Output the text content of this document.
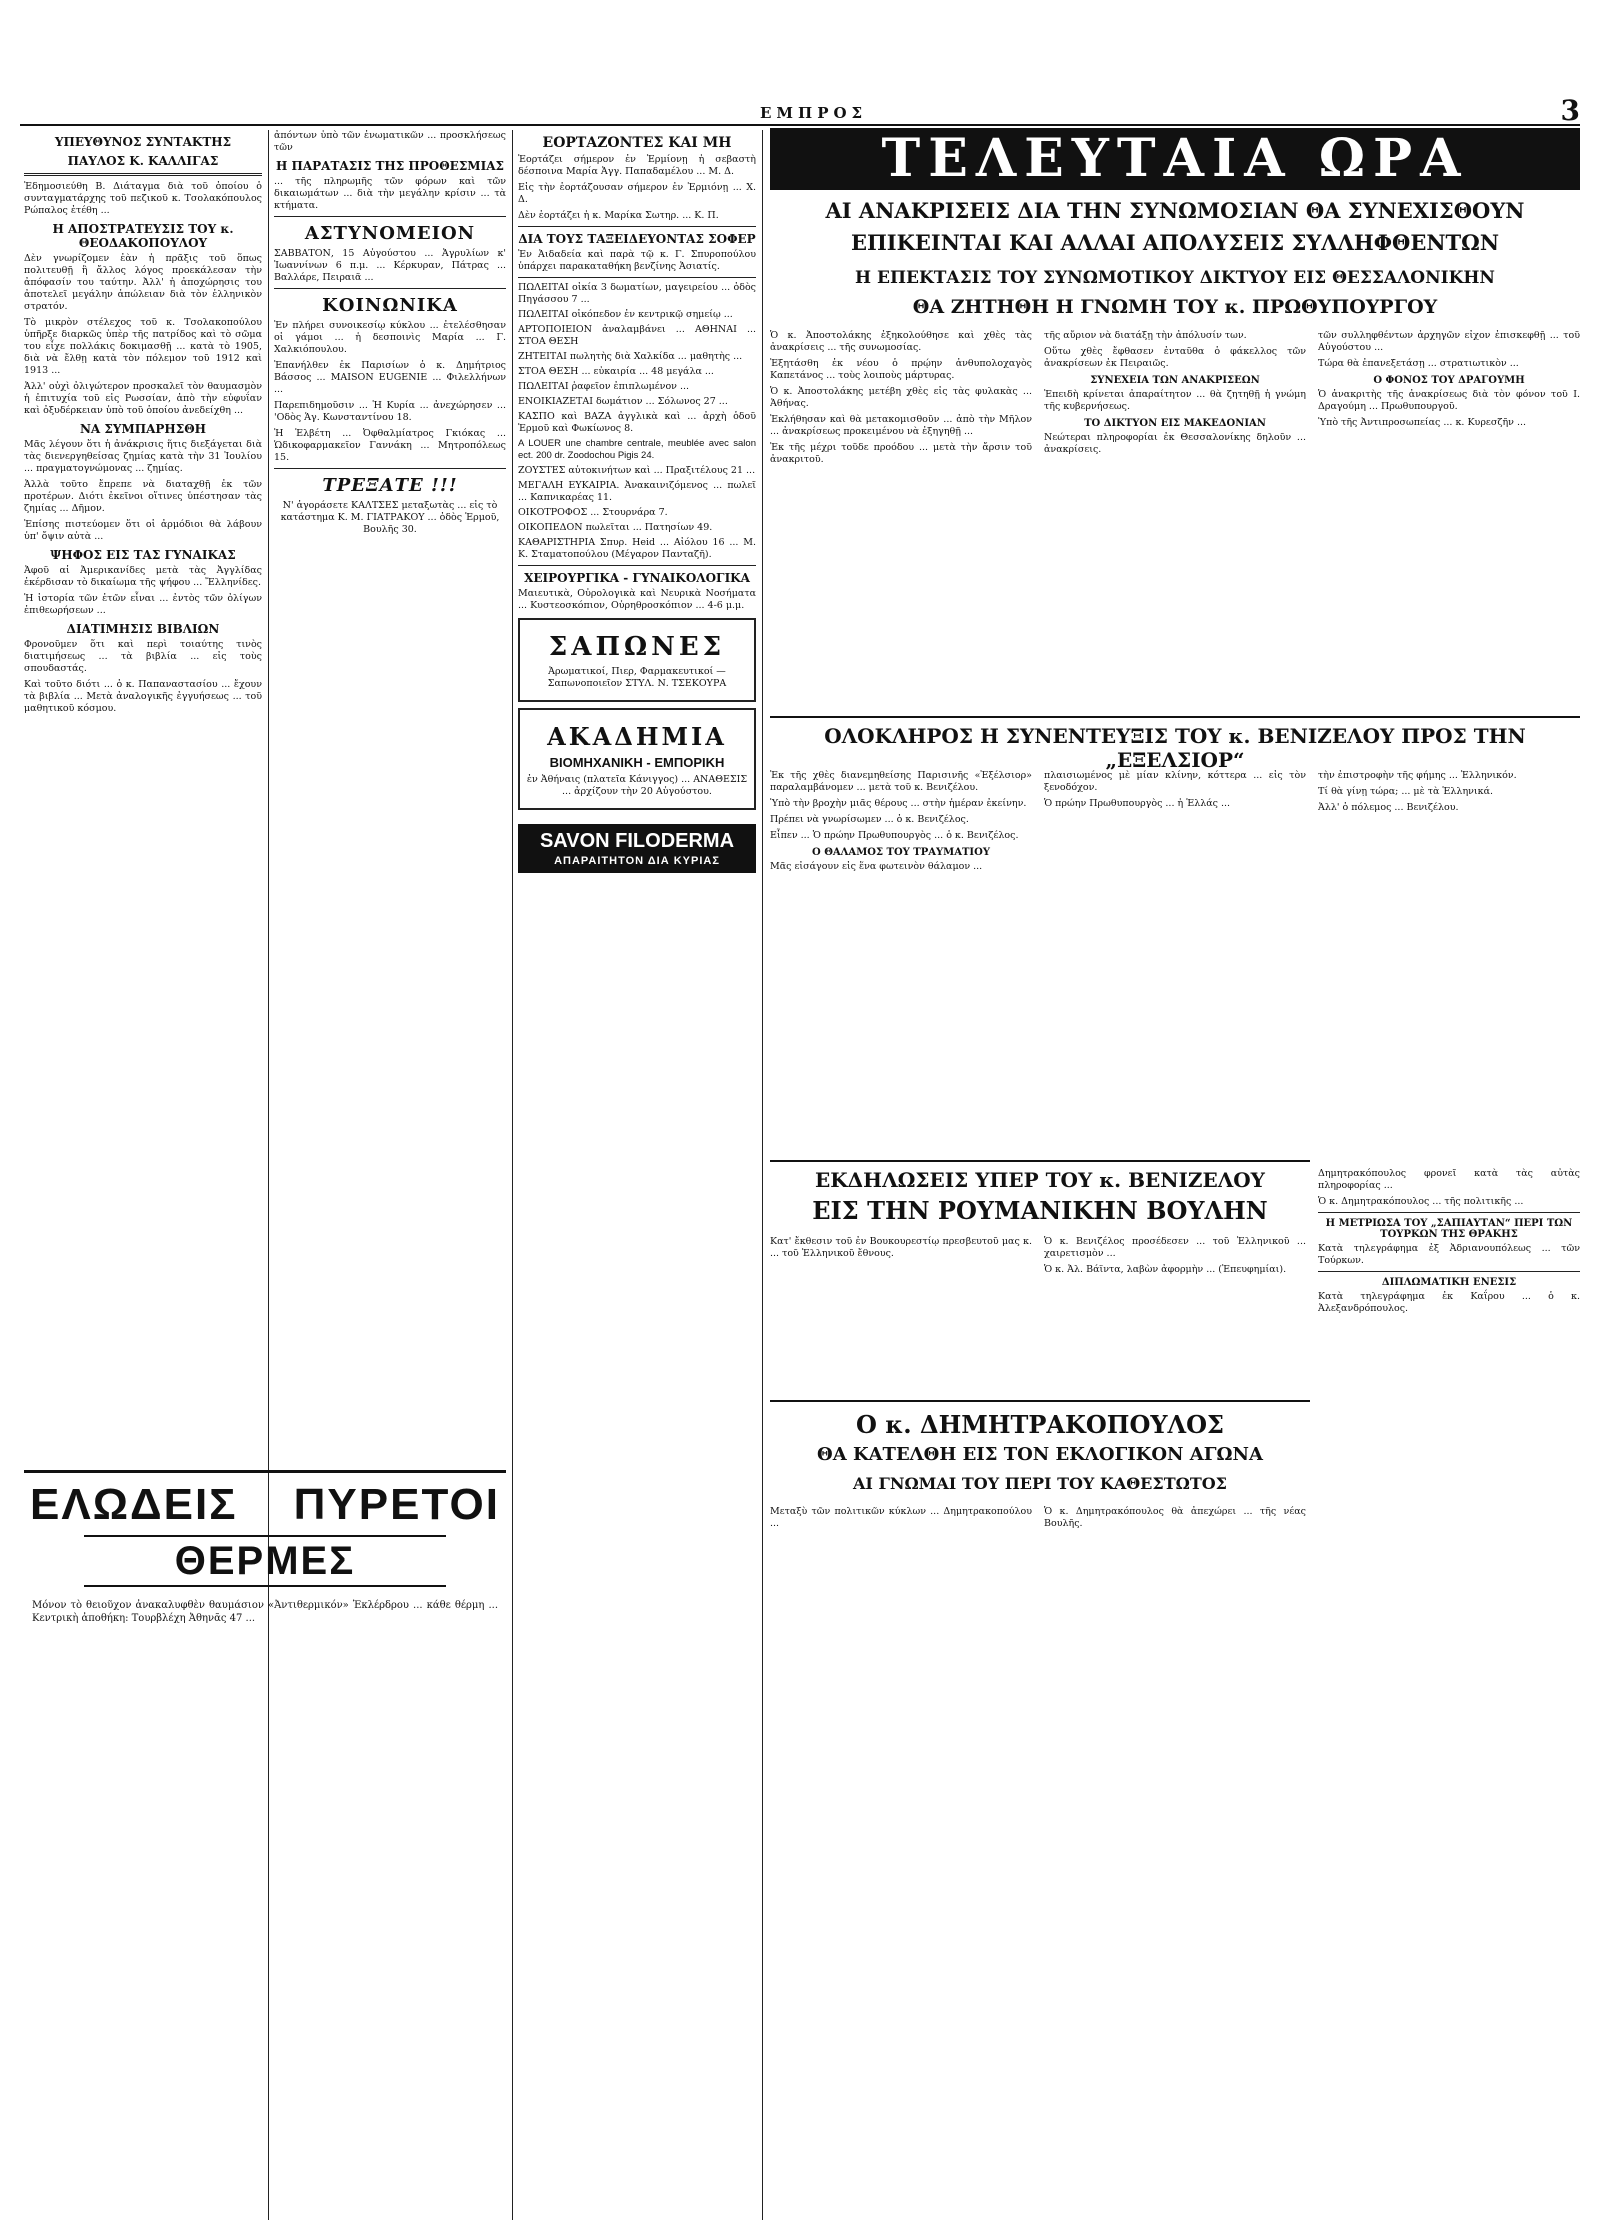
ΕΜΠΡΟΣ	3

ΥΠΕΥΘΥΝΟΣ ΣΥΝΤΑΚΤΗΣ

ΠΑΥΛΟΣ Κ. ΚΑΛΛΙΓΑΣ

Ἐδημοσιεύθη Β. Διάταγμα διὰ τοῦ ὁποίου ὁ συνταγματάρχης τοῦ πεζικοῦ κ. Τσολακόπουλος Ρώπαλος ἐτέθη ...

Η ΑΠΟΣΤΡΑΤΕΥΣΙΣ ΤΟΥ κ. ΘΕΟΔΑΚΟΠΟΥΛΟΥ

Δὲν γνωρίζομεν ἐὰν ἡ πρᾶξις τοῦ ὅπως πολιτευθῇ ἢ ἄλλος λόγος προεκάλεσαν τὴν ἀπόφασίν του ταύτην. Ἀλλ' ἡ ἀποχώρησις του ἀποτελεῖ μεγάλην ἀπώλειαν διὰ τὸν ἑλληνικὸν στρατόν.

Τὸ μικρὸν στέλεχος τοῦ κ. Τσολακοπούλου ὑπῆρξε διαρκῶς ὑπὲρ τῆς πατρίδος καὶ τὸ σῶμα του εἶχε πολλάκις δοκιμασθῇ ... κατὰ τὸ 1905, διὰ νὰ ἔλθῃ κατὰ τὸν πόλεμον τοῦ 1912 καὶ 1913 ...

Ἀλλ' οὐχὶ ὀλιγώτερον προσκαλεῖ τὸν θαυμασμὸν ἡ ἐπιτυχία τοῦ εἰς Ρωσσίαν, ἀπὸ τὴν εὐφυΐαν καὶ ὀξυδέρκειαν ὑπὸ τοῦ ὁποίου ἀνεδείχθη ...

ΝΑ ΣΥΜΠΑΡΗΣΘΗ

Μᾶς λέγουν ὅτι ἡ ἀνάκρισις ἥτις διεξάγεται διὰ τὰς διενεργηθείσας ζημίας κατὰ τὴν 31 Ἰουλίου ... πραγματογνώμονας ... ζημίας.

Ἀλλὰ τοῦτο ἔπρεπε νὰ διαταχθῇ ἐκ τῶν προτέρων. Διότι ἐκεῖνοι οἵτινες ὑπέστησαν τὰς ζημίας ... Δῆμον.

Ἐπίσης πιστεύομεν ὅτι οἱ ἀρμόδιοι θὰ λάβουν ὑπ' ὄψιν αὐτὰ ...

ΨΗΦΟΣ ΕΙΣ ΤΑΣ ΓΥΝΑΙΚΑΣ

Ἀφοῦ αἱ Ἀμερικανίδες μετὰ τὰς Ἀγγλίδας ἐκέρδισαν τὸ δικαίωμα τῆς ψήφου ... Ἔλληνίδες.

Ἡ ἱστορία τῶν ἐτῶν εἶναι ... ἐντὸς τῶν ὀλίγων ἐπιθεωρήσεων ...

ΔΙΑΤΙΜΗΣΙΣ ΒΙΒΛΙΩΝ

Φρονοῦμεν ὅτι καὶ περὶ τοιαύτης τινὸς διατιμήσεως ... τὰ βιβλία ... εἰς τοὺς σπουδαστάς.

Καὶ τοῦτο διότι ... ὁ κ. Παπαναστασίου ... ἔχουν τὰ βιβλία ... Μετὰ ἀναλογικῆς ἐγγυήσεως ... τοῦ μαθητικοῦ κόσμου.

ἀπόντων ὑπὸ τῶν ἐνωματικῶν ... προσκλήσεως τῶν

Η ΠΑΡΑΤΑΣΙΣ ΤΗΣ ΠΡΟΘΕΣΜΙΑΣ

... τῆς πληρωμῆς τῶν φόρων καὶ τῶν δικαιωμάτων ... διὰ τὴν μεγάλην κρίσιν ... τὰ κτήματα.

ΑΣΤΥΝΟΜΕΙΟΝ

ΣΑΒΒΑΤΟΝ, 15 Αὐγούστου ... Ἀγρυλίων κ' Ἰωαννίνων 6 π.μ. ... Κέρκυραν, Πάτρας ... Βαλλάρε, Πειραιᾶ ...

ΚΟΙΝΩΝΙΚΑ

Ἐν πλήρει συνοικεσίῳ κύκλου ... ἐτελέσθησαν οἱ γάμοι ... ἡ δεσποινὶς Μαρία ... Γ. Χαλκιόπουλου.

Ἐπανήλθεν ἐκ Παρισίων ὁ κ. Δημήτριος Βάσσος ... MAISON EUGENIE ... Φιλελλήνων ...

Παρεπιδημοῦσιν ... Ἡ Κυρία ... ἀνεχώρησεν ... 'Οδὸς Ἁγ. Κωνσταντίνου 18.

Ἡ Ἑλβέτη ... Ὀφθαλμίατρος Γκιόκας ... Ὡδικοφαρμακεῖον Γαννάκη ... Μητροπόλεως 15.

ΤΡΕΞΑΤΕ !!!

Ν' ἀγοράσετε ΚΑΛΤΣΕΣ μεταξωτὰς ... εἰς τὸ κατάστημα Κ. Μ. ΓΙΑΤΡΑΚΟΥ ... ὁδὸς Ἑρμοῦ, Βουλῆς 30.

ΕΛΩΔΕΙΣ ΠΥΡΕΤΟΙ

ΘΕΡΜΕΣ

Μόνον τὸ θειοῦχον ἀνακαλυφθὲν θαυμάσιον «Ἀντιθερμικόν» Ἐκλέρδρου ... κάθε θέρμη ... Κεντρικὴ ἀποθήκη: Τουρβλέχη Ἀθηνᾶς 47 ...

ΕΟΡΤΑΖΟΝΤΕΣ ΚΑΙ ΜΗ

Ἑορτάζει σήμερον ἐν Ἑρμίονῃ ἡ σεβαστὴ δέσποινα Μαρία Ἀγγ. Παπαδαμέλου ... Μ. Δ.

Εἰς τὴν ἑορτάζουσαν σήμερον ἐν Ἑρμιόνῃ ... Χ. Δ.

Δὲν ἑορτάζει ἡ κ. Μαρίκα Σωτηρ. ... Κ. Π.

ΔΙΑ ΤΟΥΣ ΤΑΞΕΙΔΕΥΟΝΤΑΣ ΣΟΦΕΡ

Ἐν Ἀιδαδεία καὶ παρὰ τῷ κ. Γ. Σπυροπούλου ὑπάρχει παρακαταθήκη βενζίνης Ἀσιατίς.

ΠΩΛΕΙΤΑΙ οἰκία 3 δωματίων, μαγειρείου ... ὁδὸς Πηγάσσου 7 ...

ΠΩΛΕΙΤΑΙ οἰκόπεδον ἐν κεντρικῷ σημείῳ ...

ΑΡΤΟΠΟΙΕΙΟΝ ἀναλαμβάνει ... ΑΘΗΝΑΙ ... ΣΤΟΑ ΘΕΣΗ

ΖΗΤΕΙΤΑΙ πωλητὴς διὰ Χαλκίδα ... μαθητὴς ...

ΣΤΟΑ ΘΕΣΗ ... εὐκαιρία ... 48 μεγάλα ...

ΠΩΛΕΙΤΑΙ ῥαφεῖον ἐπιπλωμένον ...

ΕΝΟΙΚΙΑΖΕΤΑΙ δωμάτιον ... Σόλωνος 27 ...

ΚΑΣΠΟ καὶ ΒΑΖΑ ἀγγλικὰ καὶ ... ἀρχὴ ὁδοῦ Ἑρμοῦ καὶ Φωκίωνος 8.

A LOUER une chambre centrale, meublée avec salon ect. 200 dr. Zoodochou Pigis 24.

ΖΟΥΣΤΕΣ αὐτοκινήτων καὶ ... Πραξιτέλους 21 ...

ΜΕΓΑΛΗ ΕΥΚΑΙΡΙΑ. Ἀνακαινιζόμενος ... πωλεῖ ... Καπνικαρέας 11.

ΟΙΚΟΤΡΟΦΟΣ ... Στουρνάρα 7.

ΟΙΚΟΠΕΔΟΝ πωλεῖται ... Πατησίων 49.

ΚΑΘΑΡΙΣΤΗΡΙΑ Σπυρ. Heid ... Αἰόλου 16 ... Μ. Κ. Σταματοπούλου (Μέγαρον Πανταζῆ).

ΧΕΙΡΟΥΡΓΙΚΑ - ΓΥΝΑΙΚΟΛΟΓΙΚΑ

Μαιευτικὰ, Οὐρολογικὰ καὶ Νευρικὰ Νοσήματα ... Κυστεοσκόπιον, Οὐρηθροσκόπιον ... 4-6 μ.μ.

ΣΑΠΩΝΕΣ

Ἀρωματικοί, Πιερ, Φαρμακευτικοί — Σαπωνοποιεῖον ΣΤΥΛ. Ν. ΤΣΕΚΟΥΡΑ

ΑΚΑΔΗΜΙΑ

ΒΙΟΜΗΧΑΝΙΚΗ - ΕΜΠΟΡΙΚΗ

ἐν Ἀθήναις (πλατεῖα Κάνιγγος) ... ΑΝΑΘΕΣΙΣ ... ἀρχίζουν τὴν 20 Αὐγούστου.

SAVON FILODERMA

ΑΠΑΡΑΙΤΗΤΟΝ ΔΙΑ ΚΥΡΙΑΣ

ΤΕΛΕΥΤΑΙΑ ΩΡΑ

ΑΙ ΑΝΑΚΡΙΣΕΙΣ ΔΙΑ ΤΗΝ ΣΥΝΩΜΟΣΙΑΝ ΘΑ ΣΥΝΕΧΙΣΘΟΥΝ

ΕΠΙΚΕΙΝΤΑΙ ΚΑΙ ΑΛΛΑΙ ΑΠΟΛΥΣΕΙΣ ΣΥΛΛΗΦΘΕΝΤΩΝ

Η ΕΠΕΚΤΑΣΙΣ ΤΟΥ ΣΥΝΩΜΟΤΙΚΟΥ ΔΙΚΤΥΟΥ ΕΙΣ ΘΕΣΣΑΛΟΝΙΚΗΝ

ΘΑ ΖΗΤΗΘΗ Η ΓΝΩΜΗ ΤΟΥ κ. ΠΡΩΘΥΠΟΥΡΓΟΥ

Ὁ κ. Ἀποστολάκης ἐξηκολούθησε καὶ χθὲς τὰς ἀνακρίσεις ... τῆς συνωμοσίας.

Ἐξητάσθη ἐκ νέου ὁ πρῴην ἀνθυπολοχαγὸς Καπετάνος ... τοὺς λοιποὺς μάρτυρας.

Ὁ κ. Ἀποστολάκης μετέβη χθὲς εἰς τὰς φυλακὰς ... Ἀθήνας.

Ἐκλήθησαν καὶ θὰ μετακομισθοῦν ... ἀπὸ τὴν Μῆλον ... ἀνακρίσεως προκειμένου νὰ ἐξηγηθῇ ...

Ἐκ τῆς μέχρι τοῦδε προόδου ... μετὰ τὴν ἄρσιν τοῦ ἀνακριτοῦ.

τῆς αὔριον νὰ διατάξῃ τὴν ἀπόλυσίν των.

Οὕτω χθὲς ἔφθασεν ἐνταῦθα ὁ φάκελλος τῶν ἀνακρίσεων ἐκ Πειραιῶς.

ΣΥΝΕΧΕΙΑ ΤΩΝ ΑΝΑΚΡΙΣΕΩΝ

Ἐπειδὴ κρίνεται ἀπαραίτητον ... θὰ ζητηθῇ ἡ γνώμη τῆς κυβερνήσεως.

ΤΟ ΔΙΚΤΥΟΝ ΕΙΣ ΜΑΚΕΔΟΝΙΑΝ

Νεώτεραι πληροφορίαι ἐκ Θεσσαλονίκης δηλοῦν ... ἀνακρίσεις.

τῶν συλληφθέντων ἀρχηγῶν εἶχον ἐπισκεφθῇ ... τοῦ Αὐγούστου ...

Τώρα θὰ ἐπανεξετάσῃ ... στρατιωτικὸν ...

Ο ΦΟΝΟΣ ΤΟΥ ΔΡΑΓΟΥΜΗ

Ὁ ἀνακριτὴς τῆς ἀνακρίσεως διὰ τὸν φόνον τοῦ Ι. Δραγούμη ... Πρωθυπουργοῦ.

Ὑπὸ τῆς Ἀντιπροσωπείας ... κ. Κυρεσζῆν ...

ΟΛΟΚΛΗΡΟΣ Η ΣΥΝΕΝΤΕΥΞΙΣ ΤΟΥ κ. ΒΕΝΙΖΕΛΟΥ ΠΡΟΣ ΤΗΝ „ΕΞΕΛΣΙΟΡ“

Ἐκ τῆς χθὲς διανεμηθείσης Παρισινῆς «Ἐξέλσιορ» παραλαμβάνομεν ... μετὰ τοῦ κ. Βενιζέλου.

Ὑπὸ τὴν βροχὴν μιᾶς θέρους ... στὴν ἡμέραν ἐκείνην.

Πρέπει νὰ γνωρίσωμεν ... ὁ κ. Βενιζέλος.

Εἶπεν ... Ὁ πρώην Πρωθυπουργὸς ... ὁ κ. Βενιζέλος.

Ο ΘΑΛΑΜΟΣ ΤΟΥ ΤΡΑΥΜΑΤΙΟΥ

Μᾶς εἰσάγουν εἰς ἕνα φωτεινὸν θάλαμον ...

πλαισιωμένος μὲ μίαν κλίνην, κόττερα ... εἰς τὸν ξενοδόχον.

Ὁ πρώην Πρωθυπουργὸς ... ἡ Ἑλλάς ...

τὴν ἐπιστροφὴν τῆς φήμης ... Ἑλληνικόν.

Τί θὰ γίνῃ τώρα; ... μὲ τὰ Ἑλληνικά.

Ἀλλ' ὁ πόλεμος ... Βενιζέλου.

ΕΚΔΗΛΩΣΕΙΣ ΥΠΕΡ ΤΟΥ κ. ΒΕΝΙΖΕΛΟΥ

ΕΙΣ ΤΗΝ ΡΟΥΜΑΝΙΚΗΝ ΒΟΥΛΗΝ

Κατ' ἔκθεσιν τοῦ ἐν Βουκουρεστίῳ πρεσβευτοῦ μας κ. ... τοῦ Ἑλληνικοῦ ἔθνους.

Ὁ κ. Βενιζέλος προσέδεσεν ... τοῦ Ἑλληνικοῦ ... χαιρετισμὸν ...

Ὁ κ. Ἀλ. Βάϊντα, λαβὼν ἀφορμὴν ... (Ἐπευφημίαι).

Ο κ. ΔΗΜΗΤΡΑΚΟΠΟΥΛΟΣ

ΘΑ ΚΑΤΕΛΘΗ ΕΙΣ ΤΟΝ ΕΚΛΟΓΙΚΟΝ ΑΓΩΝΑ

ΑΙ ΓΝΩΜΑΙ ΤΟΥ ΠΕΡΙ ΤΟΥ ΚΑΘΕΣΤΩΤΟΣ

Μεταξὺ τῶν πολιτικῶν κύκλων ... Δημητρακοπούλου ...

Ὁ κ. Δημητρακόπουλος θὰ ἀπεχώρει ... τῆς νέας Βουλῆς.

Δημητρακόπουλος φρονεῖ κατὰ τὰς αὐτὰς πληροφορίας ...

Ὁ κ. Δημητρακόπουλος ... τῆς πολιτικῆς ...

Η ΜΕΤΡΙΩΣΑ ΤΟΥ „ΣΑΠΙΑΥΤΑΝ“ ΠΕΡΙ ΤΩΝ ΤΟΥΡΚΩΝ ΤΗΣ ΘΡΑΚΗΣ

Κατὰ τηλεγράφημα ἐξ Ἀδριανουπόλεως ... τῶν Τούρκων.

ΔΙΠΛΩΜΑΤΙΚΗ ΕΝΕΣΙΣ

Κατὰ τηλεγράφημα ἐκ Καΐρου ... ὁ κ. Ἀλεξανδρόπουλος.
